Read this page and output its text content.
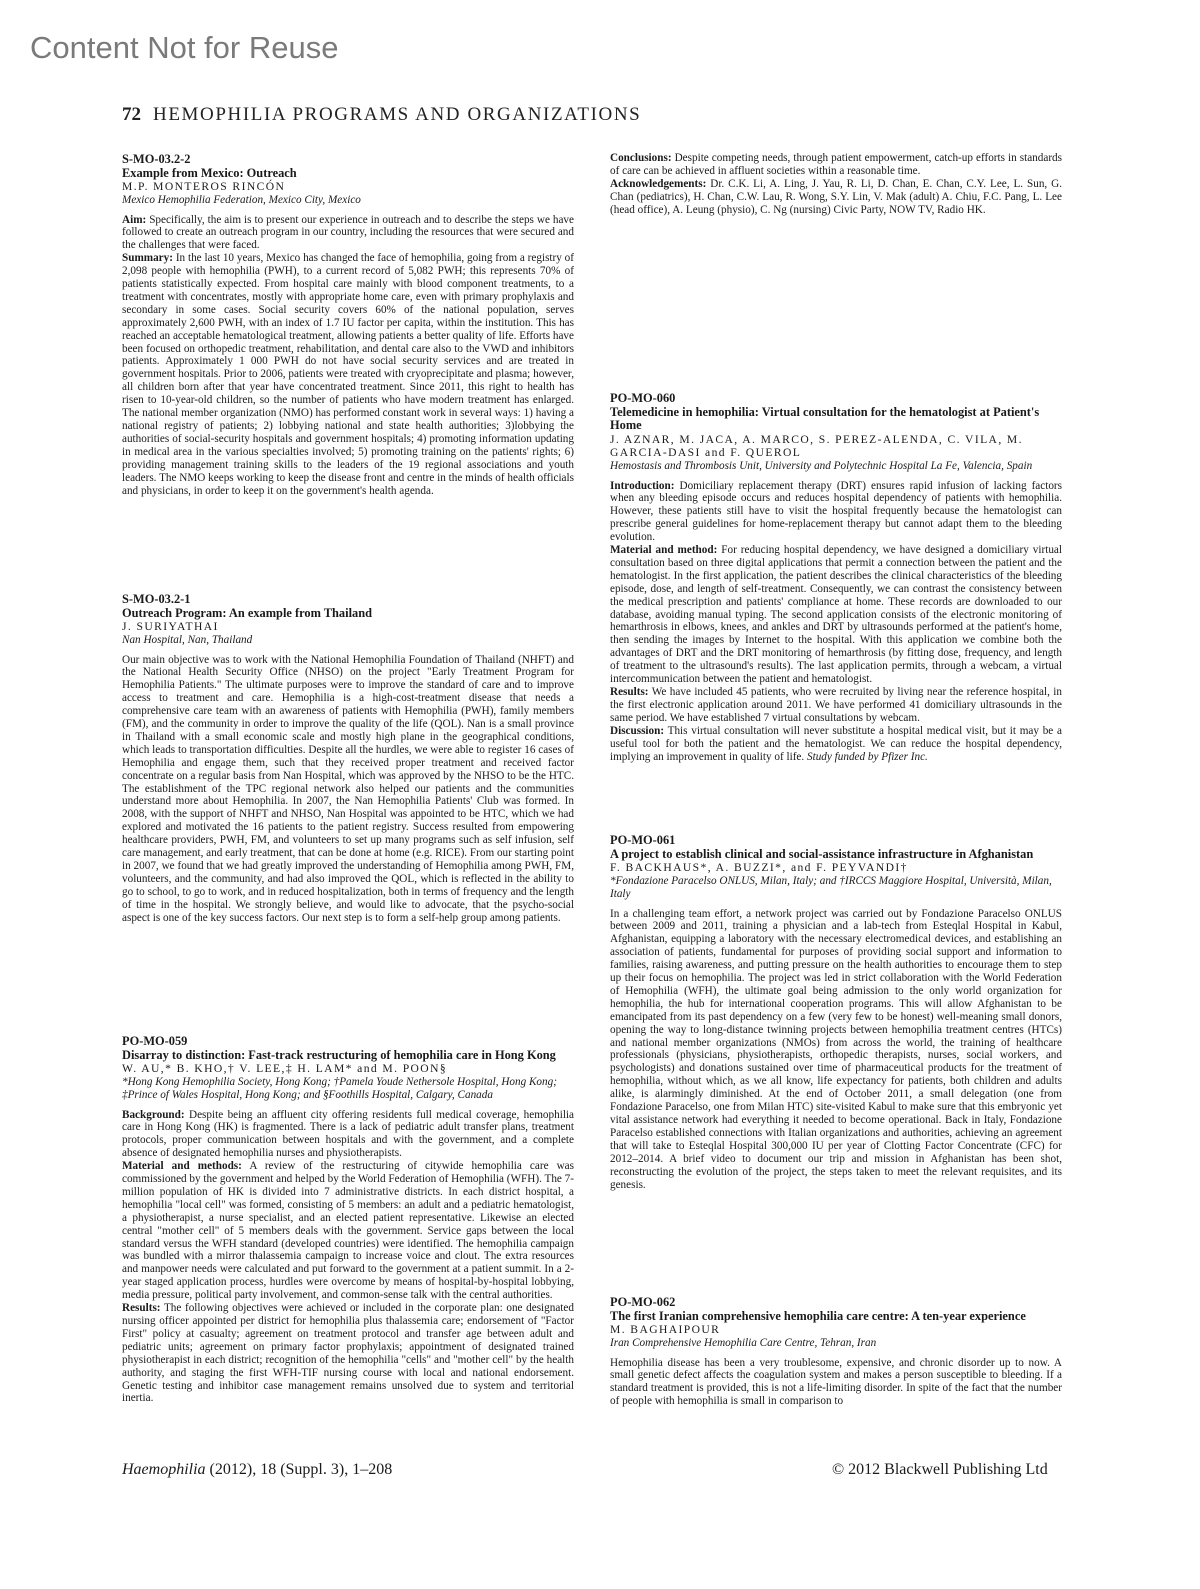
Content Not for Reuse
72 HEMOPHILIA PROGRAMS AND ORGANIZATIONS
S-MO-03.2-2
Example from Mexico: Outreach
M.P. MONTEROS RINCÓN
Mexico Hemophilia Federation, Mexico City, Mexico

Aim: Specifically, the aim is to present our experience in outreach and to describe the steps we have followed to create an outreach program in our country, including the resources that were secured and the challenges that were faced.

Summary: In the last 10 years, Mexico has changed the face of hemophilia, going from a registry of 2,098 people with hemophilia (PWH), to a current record of 5,082 PWH; this represents 70% of patients statistically expected. From hospital care mainly with blood component treatments, to a treatment with concentrates, mostly with appropriate home care, even with primary prophylaxis and secondary in some cases. Social security covers 60% of the national population, serves approximately 2,600 PWH, with an index of 1.7 IU factor per capita, within the institution. This has reached an acceptable hematological treatment, allowing patients a better quality of life. Efforts have been focused on orthopedic treatment, rehabilitation, and dental care also to the VWD and inhibitors patients. Approximately 1 000 PWH do not have social security services and are treated in government hospitals. Prior to 2006, patients were treated with cryoprecipitate and plasma; however, all children born after that year have concentrated treatment. Since 2011, this right to health has risen to 10-year-old children, so the number of patients who have modern treatment has enlarged. The national member organization (NMO) has performed constant work in several ways: 1) having a national registry of patients; 2) lobbying national and state health authorities; 3)lobbying the authorities of social-security hospitals and government hospitals; 4) promoting information updating in medical area in the various specialties involved; 5) promoting training on the patients' rights; 6) providing management training skills to the leaders of the 19 regional associations and youth leaders. The NMO keeps working to keep the disease front and centre in the minds of health officials and physicians, in order to keep it on the government's health agenda.

S-MO-03.2-1
Outreach Program: An example from Thailand
J. SURIYATHAI
Nan Hospital, Nan, Thailand

Our main objective was to work with the National Hemophilia Foundation of Thailand (NHFT) and the National Health Security Office (NHSO) on the project "Early Treatment Program for Hemophilia Patients." The ultimate purposes were to improve the standard of care and to improve access to treatment and care. Hemophilia is a high-cost-treatment disease that needs a comprehensive care team with an awareness of patients with Hemophilia (PWH), family members (FM), and the community in order to improve the quality of the life (QOL). Nan is a small province in Thailand with a small economic scale and mostly high plane in the geographical conditions, which leads to transportation difficulties. Despite all the hurdles, we were able to register 16 cases of Hemophilia and engage them, such that they received proper treatment and received factor concentrate on a regular basis from Nan Hospital, which was approved by the NHSO to be the HTC. The establishment of the TPC regional network also helped our patients and the communities understand more about Hemophilia. In 2007, the Nan Hemophilia Patients' Club was formed. In 2008, with the support of NHFT and NHSO, Nan Hospital was appointed to be HTC, which we had explored and motivated the 16 patients to the patient registry. Success resulted from empowering healthcare providers, PWH, FM, and volunteers to set up many programs such as self infusion, self care management, and early treatment, that can be done at home (e.g. RICE). From our starting point in 2007, we found that we had greatly improved the understanding of Hemophilia among PWH, FM, volunteers, and the community, and had also improved the QOL, which is reflected in the ability to go to school, to go to work, and in reduced hospitalization, both in terms of frequency and the length of time in the hospital. We strongly believe, and would like to advocate, that the psycho-social aspect is one of the key success factors. Our next step is to form a self-help group among patients.

PO-MO-059
Disarray to distinction: Fast-track restructuring of hemophilia care in Hong Kong
W. AU,* B. KHO,† V. LEE,‡ H. LAM* and M. POON§
*Hong Kong Hemophilia Society, Hong Kong; †Pamela Youde Nethersole Hospital, Hong Kong; ‡Prince of Wales Hospital, Hong Kong; and §Foothills Hospital, Calgary, Canada

Background: Despite being an affluent city offering residents full medical coverage, hemophilia care in Hong Kong (HK) is fragmented. There is a lack of pediatric adult transfer plans, treatment protocols, proper communication between hospitals and with the government, and a complete absence of designated hemophilia nurses and physiotherapists.

Material and methods: A review of the restructuring of citywide hemophilia care was commissioned by the government and helped by the World Federation of Hemophilia (WFH). The 7-million population of HK is divided into 7 administrative districts. In each district hospital, a hemophilia "local cell" was formed, consisting of 5 members: an adult and a pediatric hematologist, a physiotherapist, a nurse specialist, and an elected patient representative. Likewise an elected central "mother cell" of 5 members deals with the government. Service gaps between the local standard versus the WFH standard (developed countries) were identified. The hemophilia campaign was bundled with a mirror thalassemia campaign to increase voice and clout. The extra resources and manpower needs were calculated and put forward to the government at a patient summit. In a 2-year staged application process, hurdles were overcome by means of hospital-by-hospital lobbying, media pressure, political party involvement, and common-sense talk with the central authorities.

Results: The following objectives were achieved or included in the corporate plan: one designated nursing officer appointed per district for hemophilia plus thalassemia care; endorsement of "Factor First" policy at casualty; agreement on treatment protocol and transfer age between adult and pediatric units; agreement on primary factor prophylaxis; appointment of designated trained physiotherapist in each district; recognition of the hemophilia "cells" and "mother cell" by the health authority, and staging the first WFH-TIF nursing course with local and national endorsement. Genetic testing and inhibitor case management remains unsolved due to system and territorial inertia.

Conclusions: Despite competing needs, through patient empowerment, catch-up efforts in standards of care can be achieved in affluent societies within a reasonable time.

Acknowledgements: Dr. C.K. Li, A. Ling, J. Yau, R. Li, D. Chan, E. Chan, C.Y. Lee, L. Sun, G. Chan (pediatrics), H. Chan, C.W. Lau, R. Wong, S.Y. Lin, V. Mak (adult) A. Chiu, F.C. Pang, L. Lee (head office), A. Leung (physio), C. Ng (nursing) Civic Party, NOW TV, Radio HK.

PO-MO-060
Telemedicine in hemophilia: Virtual consultation for the hematologist at Patient's Home
J. AZNAR, M. JACA, A. MARCO, S. PEREZ-ALENDA, C. VILA, M. GARCIA-DASI and F. QUEROL
Hemostasis and Thrombosis Unit, University and Polytechnic Hospital La Fe, Valencia, Spain

Introduction: Domiciliary replacement therapy (DRT) ensures rapid infusion of lacking factors when any bleeding episode occurs and reduces hospital dependency of patients with hemophilia. However, these patients still have to visit the hospital frequently because the hematologist can prescribe general guidelines for home-replacement therapy but cannot adapt them to the bleeding evolution.

Material and method: For reducing hospital dependency, we have designed a domiciliary virtual consultation based on three digital applications that permit a connection between the patient and the hematologist. In the first application, the patient describes the clinical characteristics of the bleeding episode, dose, and length of self-treatment. Consequently, we can contrast the consistency between the medical prescription and patients' compliance at home. These records are downloaded to our database, avoiding manual typing. The second application consists of the electronic monitoring of hemarthrosis in elbows, knees, and ankles and DRT by ultrasounds performed at the patient's home, then sending the images by Internet to the hospital. With this application we combine both the advantages of DRT and the DRT monitoring of hemarthrosis (by fitting dose, frequency, and length of treatment to the ultrasound's results). The last application permits, through a webcam, a virtual intercommunication between the patient and hematologist.

Results: We have included 45 patients, who were recruited by living near the reference hospital, in the first electronic application around 2011. We have performed 41 domiciliary ultrasounds in the same period. We have established 7 virtual consultations by webcam.

Discussion: This virtual consultation will never substitute a hospital medical visit, but it may be a useful tool for both the patient and the hematologist. We can reduce the hospital dependency, implying an improvement in quality of life. Study funded by Pfizer Inc.

PO-MO-061
A project to establish clinical and social-assistance infrastructure in Afghanistan
F. BACKHAUS*, A. BUZZI*, and F. PEYVANDI†
*Fondazione Paracelso ONLUS, Milan, Italy; and †IRCCS Maggiore Hospital, Università, Milan, Italy

In a challenging team effort, a network project was carried out by Fondazione Paracelso ONLUS between 2009 and 2011, training a physician and a lab-tech from Esteqlal Hospital in Kabul, Afghanistan, equipping a laboratory with the necessary electromedical devices, and establishing an association of patients, fundamental for purposes of providing social support and information to families, raising awareness, and putting pressure on the health authorities to encourage them to step up their focus on hemophilia. The project was led in strict collaboration with the World Federation of Hemophilia (WFH), the ultimate goal being admission to the only world organization for hemophilia, the hub for international cooperation programs. This will allow Afghanistan to be emancipated from its past dependency on a few (very few to be honest) well-meaning small donors, opening the way to long-distance twinning projects between hemophilia treatment centres (HTCs) and national member organizations (NMOs) from across the world, the training of healthcare professionals (physicians, physiotherapists, orthopedic therapists, nurses, social workers, and psychologists) and donations sustained over time of pharmaceutical products for the treatment of hemophilia, without which, as we all know, life expectancy for patients, both children and adults alike, is alarmingly diminished. At the end of October 2011, a small delegation (one from Fondazione Paracelso, one from Milan HTC) site-visited Kabul to make sure that this embryonic yet vital assistance network had everything it needed to become operational. Back in Italy, Fondazione Paracelso established connections with Italian organizations and authorities, achieving an agreement that will take to Esteqlal Hospital 300,000 IU per year of Clotting Factor Concentrate (CFC) for 2012–2014. A brief video to document our trip and mission in Afghanistan has been shot, reconstructing the evolution of the project, the steps taken to meet the relevant requisites, and its genesis.

PO-MO-062
The first Iranian comprehensive hemophilia care centre: A ten-year experience
M. BAGHAIPOUR
Iran Comprehensive Hemophilia Care Centre, Tehran, Iran

Hemophilia disease has been a very troublesome, expensive, and chronic disorder up to now. A small genetic defect affects the coagulation system and makes a person susceptible to bleeding. If a standard treatment is provided, this is not a life-limiting disorder. In spite of the fact that the number of people with hemophilia is small in comparison to

Haemophilia (2012), 18 (Suppl. 3), 1–208	© 2012 Blackwell Publishing Ltd
